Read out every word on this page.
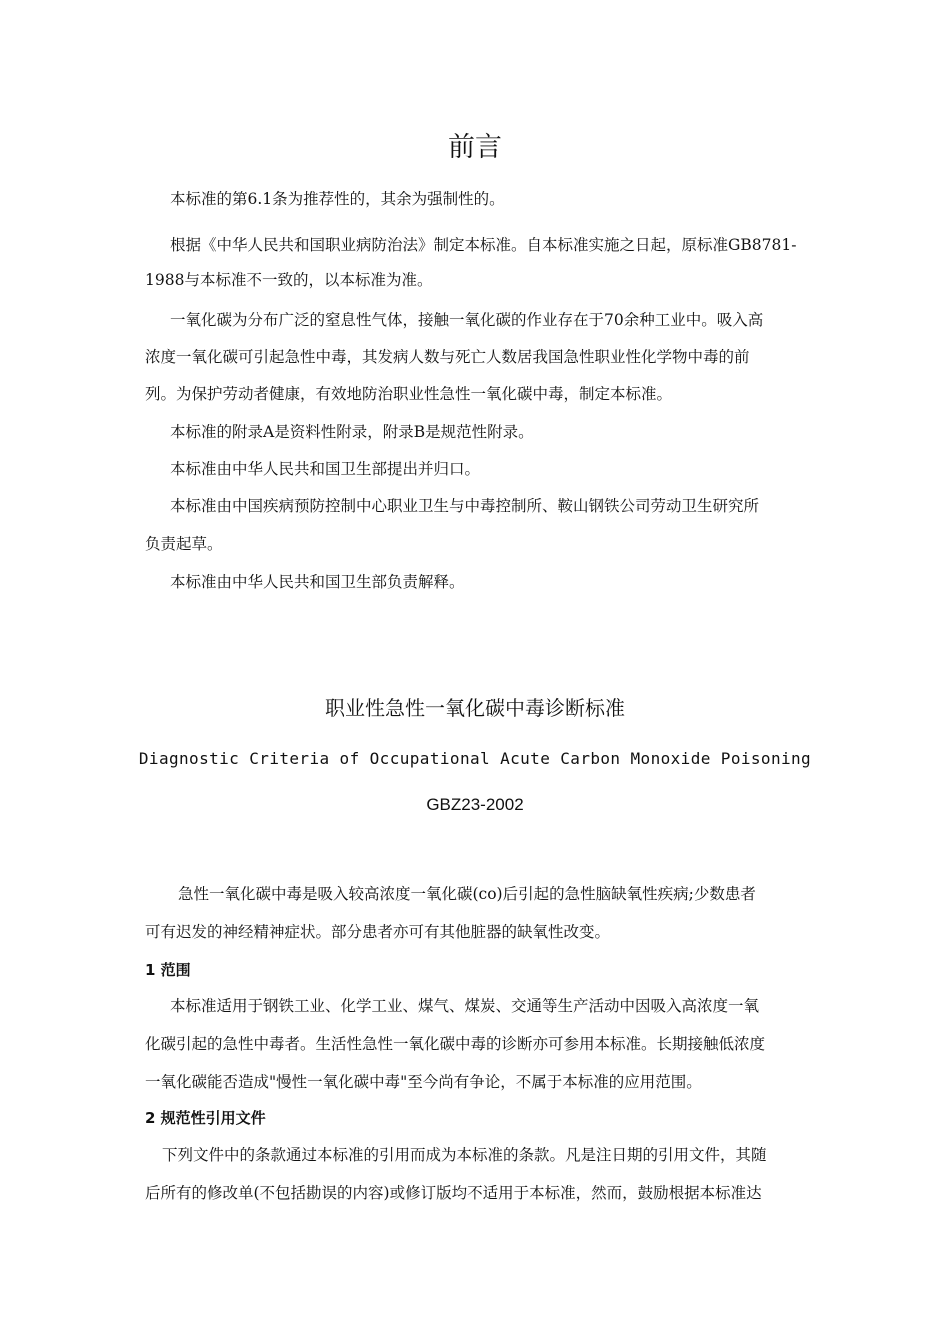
前言
本标准的第6.1条为推荐性的，其余为强制性的。
根据《中华人民共和国职业病防治法》制定本标准。自本标准实施之日起，原标准GB8781-
1988与本标准不一致的，以本标准为准。
一氧化碳为分布广泛的窒息性气体，接触一氧化碳的作业存在于70余种工业中。吸入高
浓度一氧化碳可引起急性中毒，其发病人数与死亡人数居我国急性职业性化学物中毒的前
列。为保护劳动者健康，有效地防治职业性急性一氧化碳中毒，制定本标准。
本标准的附录A是资料性附录，附录B是规范性附录。
本标准由中华人民共和国卫生部提出并归口。
本标准由中国疾病预防控制中心职业卫生与中毒控制所、鞍山钢铁公司劳动卫生研究所
负责起草。
本标准由中华人民共和国卫生部负责解释。
职业性急性一氧化碳中毒诊断标准
Diagnostic Criteria of Occupational Acute Carbon Monoxide Poisoning
GBZ23-2002
急性一氧化碳中毒是吸入较高浓度一氧化碳(co)后引起的急性脑缺氧性疾病;少数患者
可有迟发的神经精神症状。部分患者亦可有其他脏器的缺氧性改变。
1 范围
本标准适用于钢铁工业、化学工业、煤气、煤炭、交通等生产活动中因吸入高浓度一氧
化碳引起的急性中毒者。生活性急性一氧化碳中毒的诊断亦可参用本标准。长期接触低浓度
一氧化碳能否造成"慢性一氧化碳中毒"至今尚有争论，不属于本标准的应用范围。
2 规范性引用文件
下列文件中的条款通过本标准的引用而成为本标准的条款。凡是注日期的引用文件，其随
后所有的修改单(不包括勘误的内容)或修订版均不适用于本标准，然而，鼓励根据本标准达
